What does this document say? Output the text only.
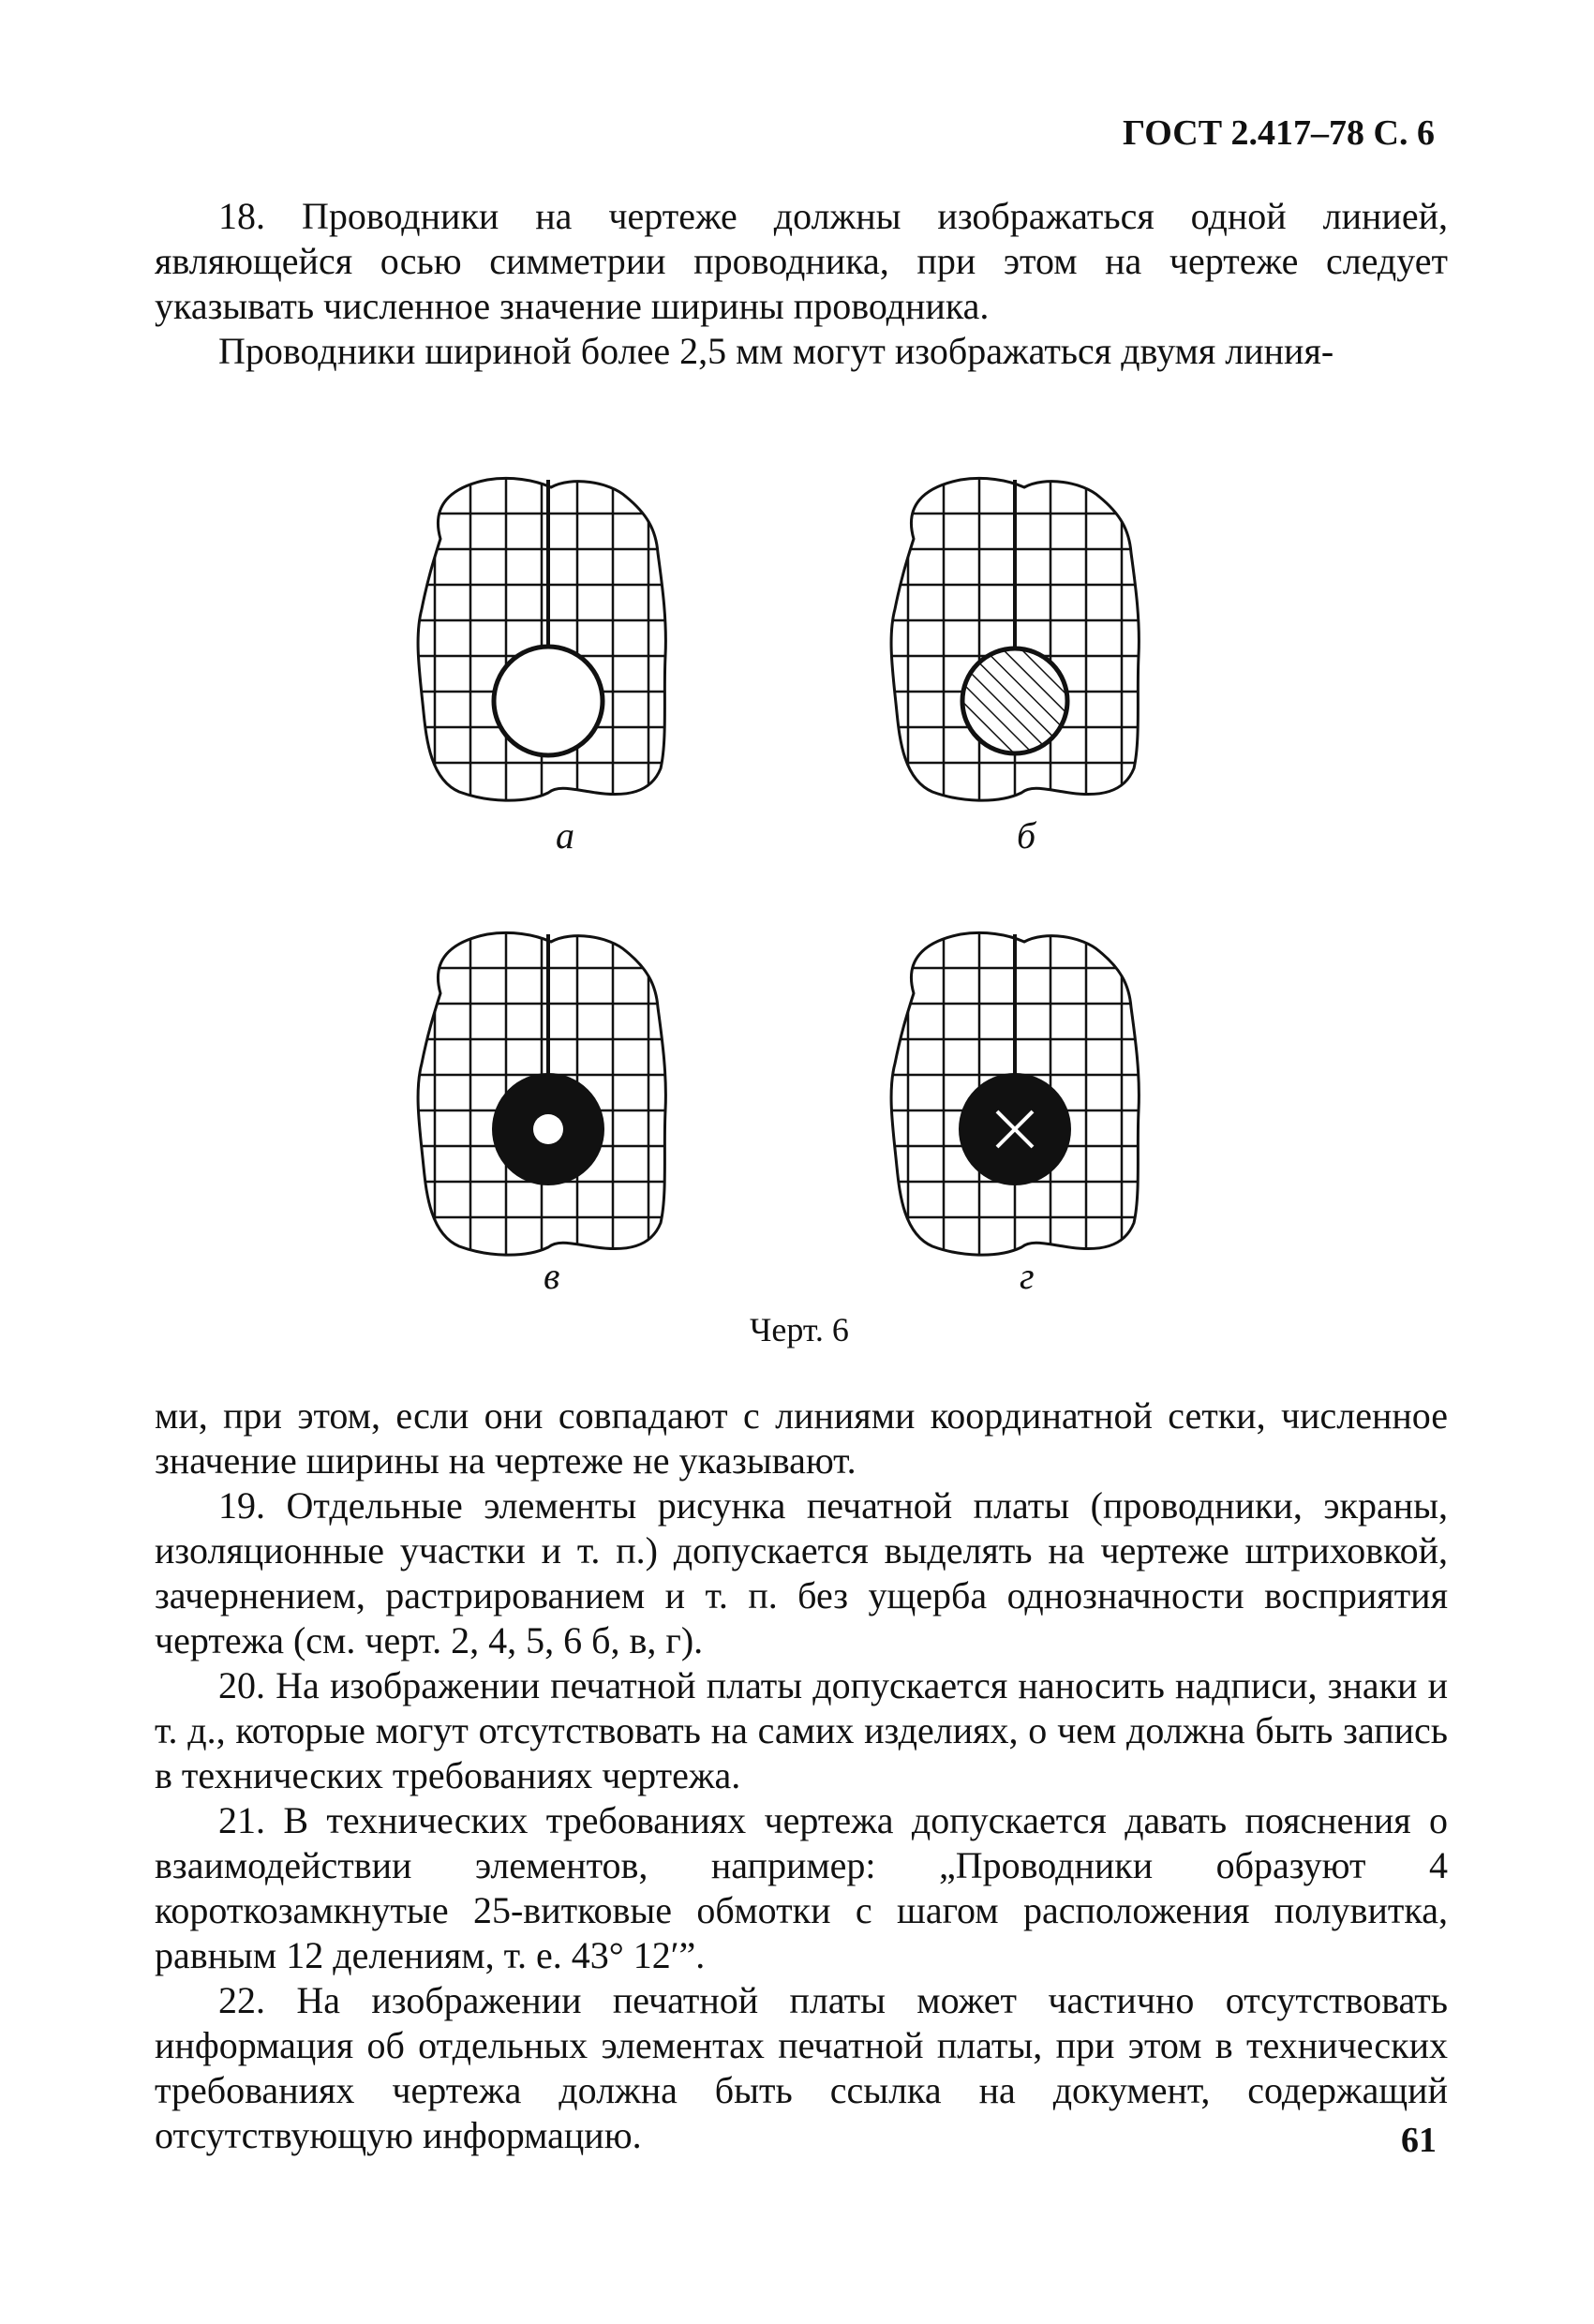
ГОСТ 2.417–78 С. 6

18. Проводники на чертеже должны изображаться одной линией, являющейся осью симметрии проводника, при этом на чертеже следует указывать численное значение ширины проводника.

Проводники шириной более 2,5 мм могут изображаться двумя линия-

а	б
в	г
Черт. 6

ми, при этом, если они совпадают с линиями координатной сетки, численное значение ширины на чертеже не указывают.

19. Отдельные элементы рисунка печатной платы (проводники, экраны, изоляционные участки и т. п.) допускается выделять на чертеже штриховкой, зачернением, растрированием и т. п. без ущерба однозначности восприятия чертежа (см. черт. 2, 4, 5, 6 б, в, г).

20. На изображении печатной платы допускается наносить надписи, знаки и т. д., которые могут отсутствовать на самих изделиях, о чем должна быть запись в технических требованиях чертежа.

21. В технических требованиях чертежа допускается давать пояснения о взаимодействии элементов, например: „Проводники образуют 4 короткозамкнутые 25-витковые обмотки с шагом расположения полувитка, равным 12 делениям, т. е. 43° 12′”.

22. На изображении печатной платы может частично отсутствовать информация об отдельных элементах печатной платы, при этом в технических требованиях чертежа должна быть ссылка на документ, содержащий отсутствующую информацию.	61
